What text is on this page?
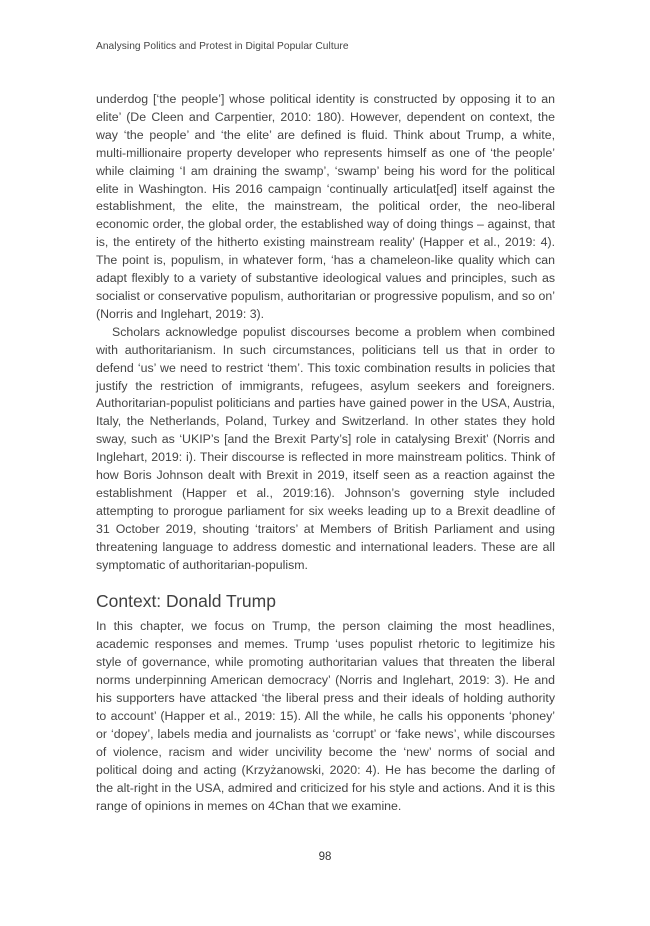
Analysing Politics and Protest in Digital Popular Culture

underdog [‘the people’] whose political identity is constructed by opposing it to an elite’ (De Cleen and Carpentier, 2010: 180). However, dependent on context, the way ‘the people’ and ‘the elite’ are defined is fluid. Think about Trump, a white, multi-millionaire property developer who represents himself as one of ‘the people’ while claiming ‘I am draining the swamp’, ‘swamp’ being his word for the political elite in Washington. His 2016 campaign ‘continually articulat[ed] itself against the establishment, the elite, the mainstream, the political order, the neo-liberal economic order, the global order, the established way of doing things – against, that is, the entirety of the hitherto existing mainstream reality’ (Happer et al., 2019: 4). The point is, populism, in whatever form, ‘has a chameleon-like quality which can adapt flexibly to a variety of substantive ideological values and principles, such as socialist or conservative populism, authoritarian or progressive populism, and so on’ (Norris and Inglehart, 2019: 3).

Scholars acknowledge populist discourses become a problem when combined with authoritarianism. In such circumstances, politicians tell us that in order to defend ‘us’ we need to restrict ‘them’. This toxic combination results in policies that justify the restriction of immigrants, refugees, asylum seekers and foreigners. Authoritarian-populist politicians and parties have gained power in the USA, Austria, Italy, the Netherlands, Poland, Turkey and Switzerland. In other states they hold sway, such as ‘UKIP’s [and the Brexit Party’s] role in catalysing Brexit’ (Norris and Inglehart, 2019: i). Their discourse is reflected in more mainstream politics. Think of how Boris Johnson dealt with Brexit in 2019, itself seen as a reaction against the establishment (Happer et al., 2019:16). Johnson’s governing style included attempting to prorogue parliament for six weeks leading up to a Brexit deadline of 31 October 2019, shouting ‘traitors’ at Members of British Parliament and using threatening language to address domestic and international leaders. These are all symptomatic of authoritarian-populism.

Context: Donald Trump

In this chapter, we focus on Trump, the person claiming the most headlines, academic responses and memes. Trump ‘uses populist rhetoric to legitimize his style of governance, while promoting authoritarian values that threaten the liberal norms underpinning American democracy’ (Norris and Inglehart, 2019: 3). He and his supporters have attacked ‘the liberal press and their ideals of holding authority to account’ (Happer et al., 2019: 15). All the while, he calls his opponents ‘phoney’ or ‘dopey’, labels media and journalists as ‘corrupt’ or ‘fake news’, while discourses of violence, racism and wider uncivility become the ‘new’ norms of social and political doing and acting (Krzyżanowski, 2020: 4). He has become the darling of the alt-right in the USA, admired and criticized for his style and actions. And it is this range of opinions in memes on 4Chan that we examine.

98
